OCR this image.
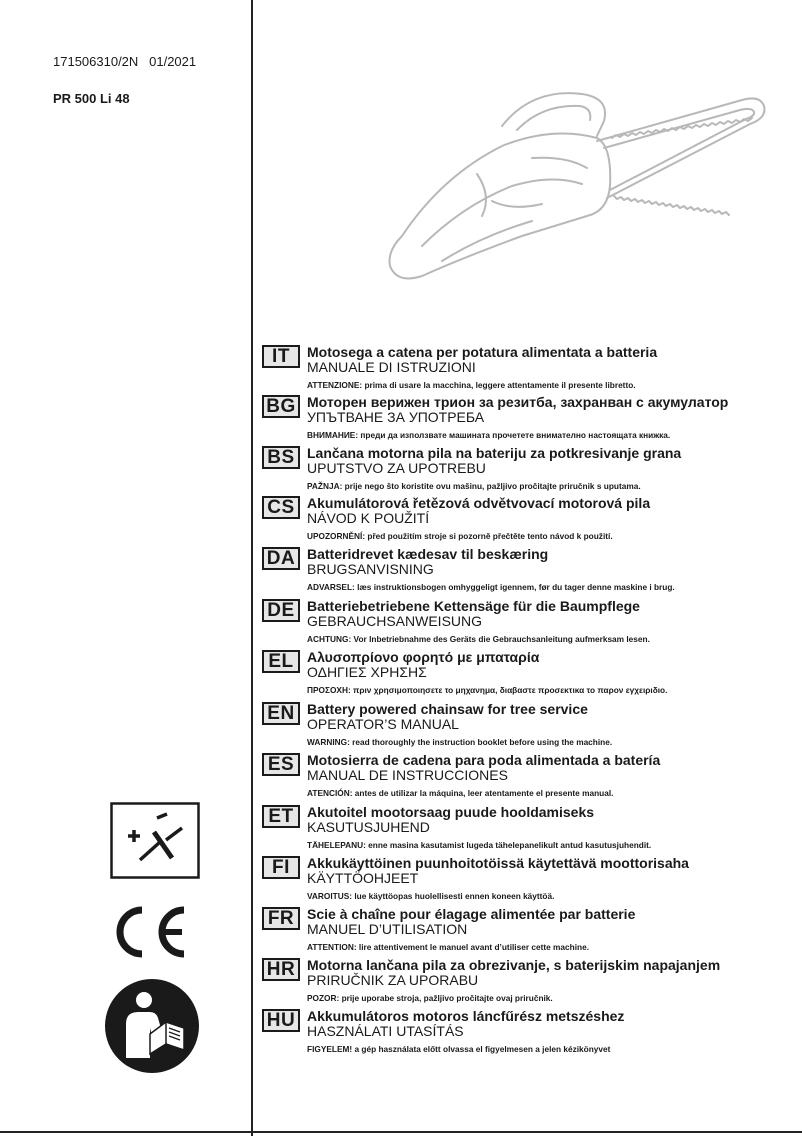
171506310/2N   01/2021
PR 500 Li 48
IT	Motosega a catena per potatura alimentata a batteria
MANUALE DI ISTRUZIONI
ATTENZIONE: prima di usare la macchina, leggere attentamente il presente libretto.
BG Моторен верижен трион за резитба, захранван с акумулатор
УПЪТВАНЕ ЗА УПОТРЕБА
ВНИМАНИЕ: преди да използвате машината прочетете внимателно настоящата книжка.
BS Lančana motorna pila na bateriju za potkresivanje grana
UPUTSTVO ZA UPOTREBU
PAŽNJA: prije nego što koristite ovu mašinu, pažljivo pročitajte priručnik s uputama.
CS Akumulátorová řetězová odvětvovací motorová pila
NÁVOD K POUŽITÍ
UPOZORNĚNÍ: před použitím stroje si pozorně přečtěte tento návod k použití.
DA Batteridrevet kædesav til beskæring
BRUGSANVISNING
ADVARSEL: læs instruktionsbogen omhyggeligt igennem, før du tager denne maskine i brug.
DE Batteriebetriebene Kettensäge für die Baumpflege
GEBRAUCHSANWEISUNG
ACHTUNG: Vor Inbetriebnahme des Geräts die Gebrauchsanleitung aufmerksam lesen.
EL Αλυσοπρίονο φορητό με μπαταρία
ΟΔΗΓΙΕΣ ΧΡΗΣΗΣ
ΠΡΟΣΟΧΗ: πριν χρησιμοποιησετε το μηχανημα, διαβαστε προσεκτικα το παρον εγχειριδιο.
EN Battery powered chainsaw for tree service
OPERATOR’S MANUAL
WARNING: read thoroughly the instruction booklet before using the machine.
ES Motosierra de cadena para poda alimentada a batería
MANUAL DE INSTRUCCIONES
ATENCIÓN: antes de utilizar la máquina, leer atentamente el presente manual.
ET Akutoitel mootorsaag puude hooldamiseks
KASUTUSJUHEND
TÄHELEPANU: enne masina kasutamist lugeda tähelepanelikult antud kasutusjuhendit.
FI	Akkukäyttöinen puunhoitotöissä käytettävä moottorisaha
KÄYTTÖOHJEET
VAROITUS: lue käyttöopas huolellisesti ennen koneen käyttöä.
FR Scie à chaîne pour élagage alimentée par batterie
MANUEL D’UTILISATION
ATTENTION: lire attentivement le manuel avant d’utiliser cette machine.
HR Motorna lančana pila za obrezivanje, s baterijskim napajanjem
PRIRUČNIK ZA UPORABU
POZOR: prije uporabe stroja, pažljivo pročitajte ovaj priručnik.
HU Akkumulátoros motoros láncfűrész metszéshez
HASZNÁLATI UTASÍTÁS
FIGYELEM! a gép használata előtt olvassa el figyelmesen a jelen kézikönyvet
